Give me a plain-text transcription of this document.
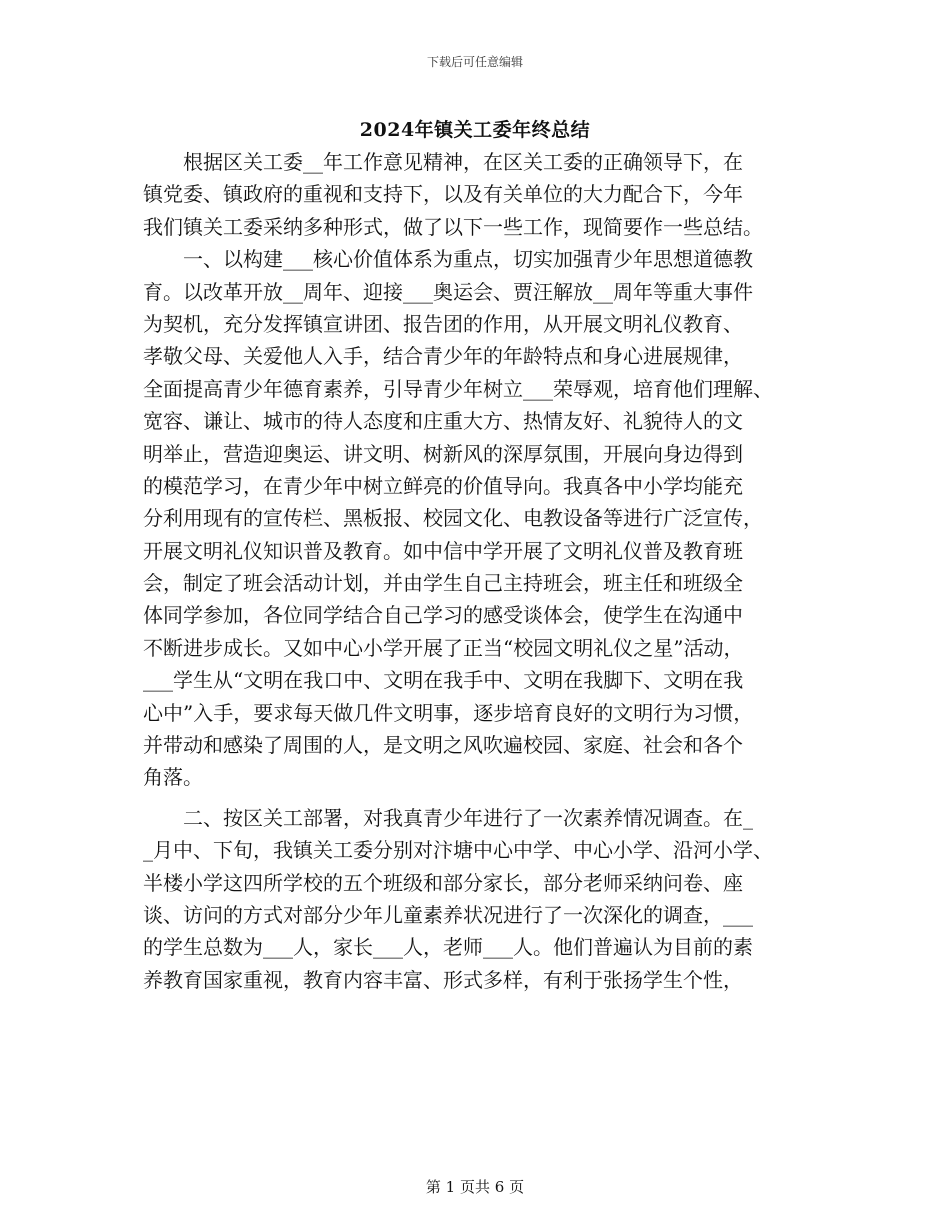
下载后可任意编辑
2024年镇关工委年终总结
根据区关工委__年工作意见精神，在区关工委的正确领导下，在
镇党委、镇政府的重视和支持下，以及有关单位的大力配合下，今年
我们镇关工委采纳多种形式，做了以下一些工作，现简要作一些总结。
一、以构建___核心价值体系为重点，切实加强青少年思想道德教
育。以改革开放__周年、迎接___奥运会、贾汪解放__周年等重大事件
为契机，充分发挥镇宣讲团、报告团的作用，从开展文明礼仪教育、
孝敬父母、关爱他人入手，结合青少年的年龄特点和身心进展规律，
全面提高青少年德育素养，引导青少年树立___荣辱观，培育他们理解、
宽容、谦让、城市的待人态度和庄重大方、热情友好、礼貌待人的文
明举止，营造迎奥运、讲文明、树新风的深厚氛围，开展向身边得到
的模范学习，在青少年中树立鲜亮的价值导向。我真各中小学均能充
分利用现有的宣传栏、黑板报、校园文化、电教设备等进行广泛宣传，
开展文明礼仪知识普及教育。如中信中学开展了文明礼仪普及教育班
会，制定了班会活动计划，并由学生自己主持班会，班主任和班级全
体同学参加，各位同学结合自己学习的感受谈体会，使学生在沟通中
不断进步成长。又如中心小学开展了正当“校园文明礼仪之星”活动，
___学生从“文明在我口中、文明在我手中、文明在我脚下、文明在我
心中”入手，要求每天做几件文明事，逐步培育良好的文明行为习惯，
并带动和感染了周围的人，是文明之风吹遍校园、家庭、社会和各个
角落。
二、按区关工部署，对我真青少年进行了一次素养情况调查。在_
_月中、下旬，我镇关工委分别对汴塘中心中学、中心小学、沿河小学、
半楼小学这四所学校的五个班级和部分家长，部分老师采纳问卷、座
谈、访问的方式对部分少年儿童素养状况进行了一次深化的调查，___
的学生总数为___人，家长___人，老师___人。他们普遍认为目前的素
养教育国家重视，教育内容丰富、形式多样，有利于张扬学生个性，
第 1 页共 6 页
